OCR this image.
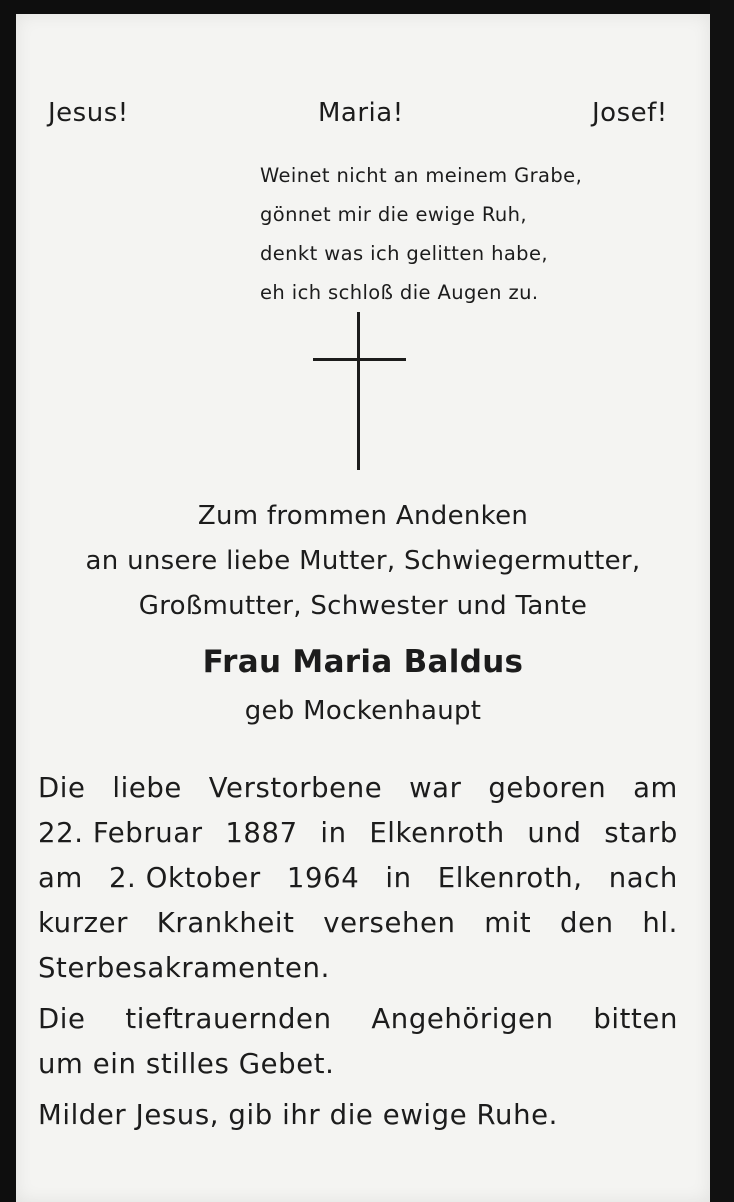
Jesus!	Maria!	Josef!
Weinet nicht an meinem Grabe,
gönnet mir die ewige Ruh,
denkt was ich gelitten habe,
eh ich schloß die Augen zu.
Zum frommen Andenken
an unsere liebe Mutter, Schwiegermutter,
Großmutter, Schwester und Tante
Frau Maria Baldus
geb Mockenhaupt
Die liebe Verstorbene war geboren am
22. Februar 1887 in Elkenroth und starb
am 2. Oktober 1964 in Elkenroth, nach
kurzer Krankheit versehen mit den hl.
Sterbesakramenten.
Die tieftrauernden Angehörigen bitten
um ein stilles Gebet.
Milder Jesus, gib ihr die ewige Ruhe.
